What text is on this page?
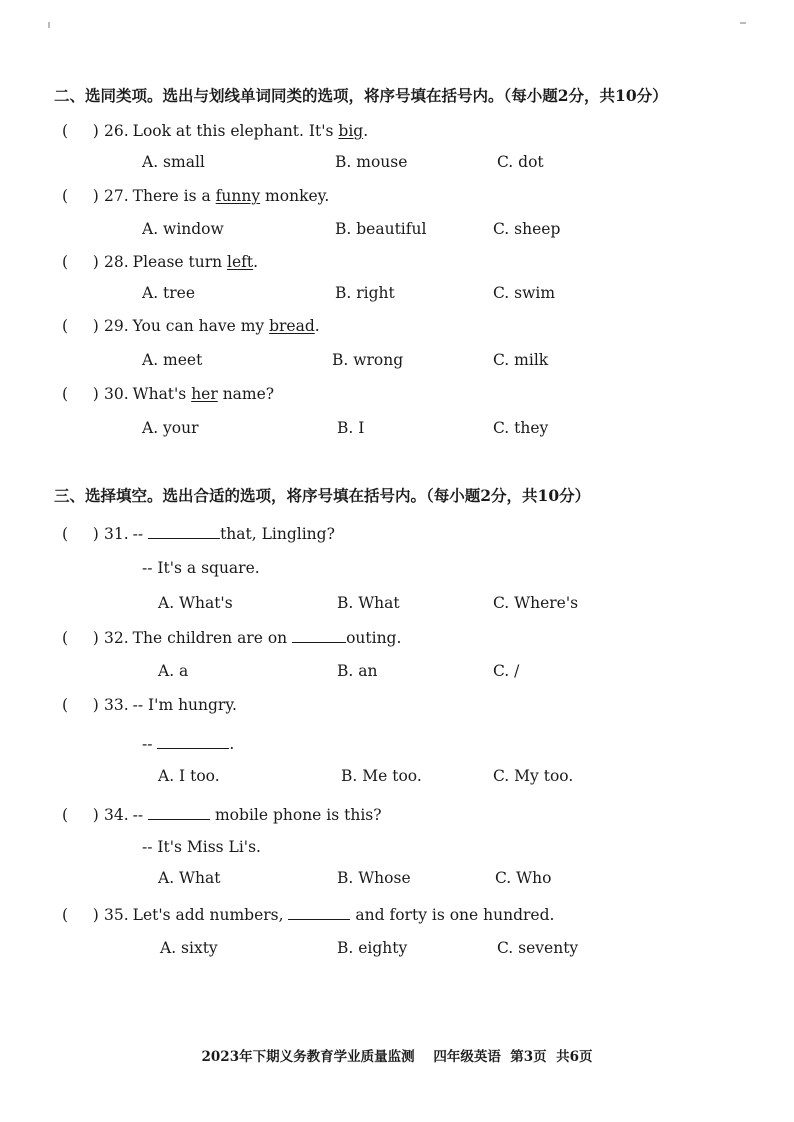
二、选同类项。选出与划线单词同类的选项，将序号填在括号内。（每小题2分，共10分）
( ) 26. Look at this elephant. It's big.
A. small	B. mouse	C. dot
( ) 27. There is a funny monkey.
A. window	B. beautiful	C. sheep
( ) 28. Please turn left.
A. tree	B. right	C. swim
( ) 29. You can have my bread.
A. meet	B. wrong	C. milk
( ) 30. What's her name?
A. your	B. I	C. they
三、选择填空。选出合适的选项，将序号填在括号内。（每小题2分，共10分）
( ) 31. --	that, Lingling?
-- It's a square.
A. What's	B. What	C. Where's
( ) 32. The children are on	outing.
A. a	B. an	C. /
( ) 33. -- I'm hungry.
--	.
A. I too.	B. Me too.	C. My too.
( ) 34. --	mobile phone is this?
-- It's Miss Li's.
A. What	B. Whose	C. Who
( ) 35. Let's add numbers,	and forty is one hundred.
A. sixty	B. eighty	C. seventy
2023年下期义务教育学业质量监测    四年级英语  第3页  共6页
